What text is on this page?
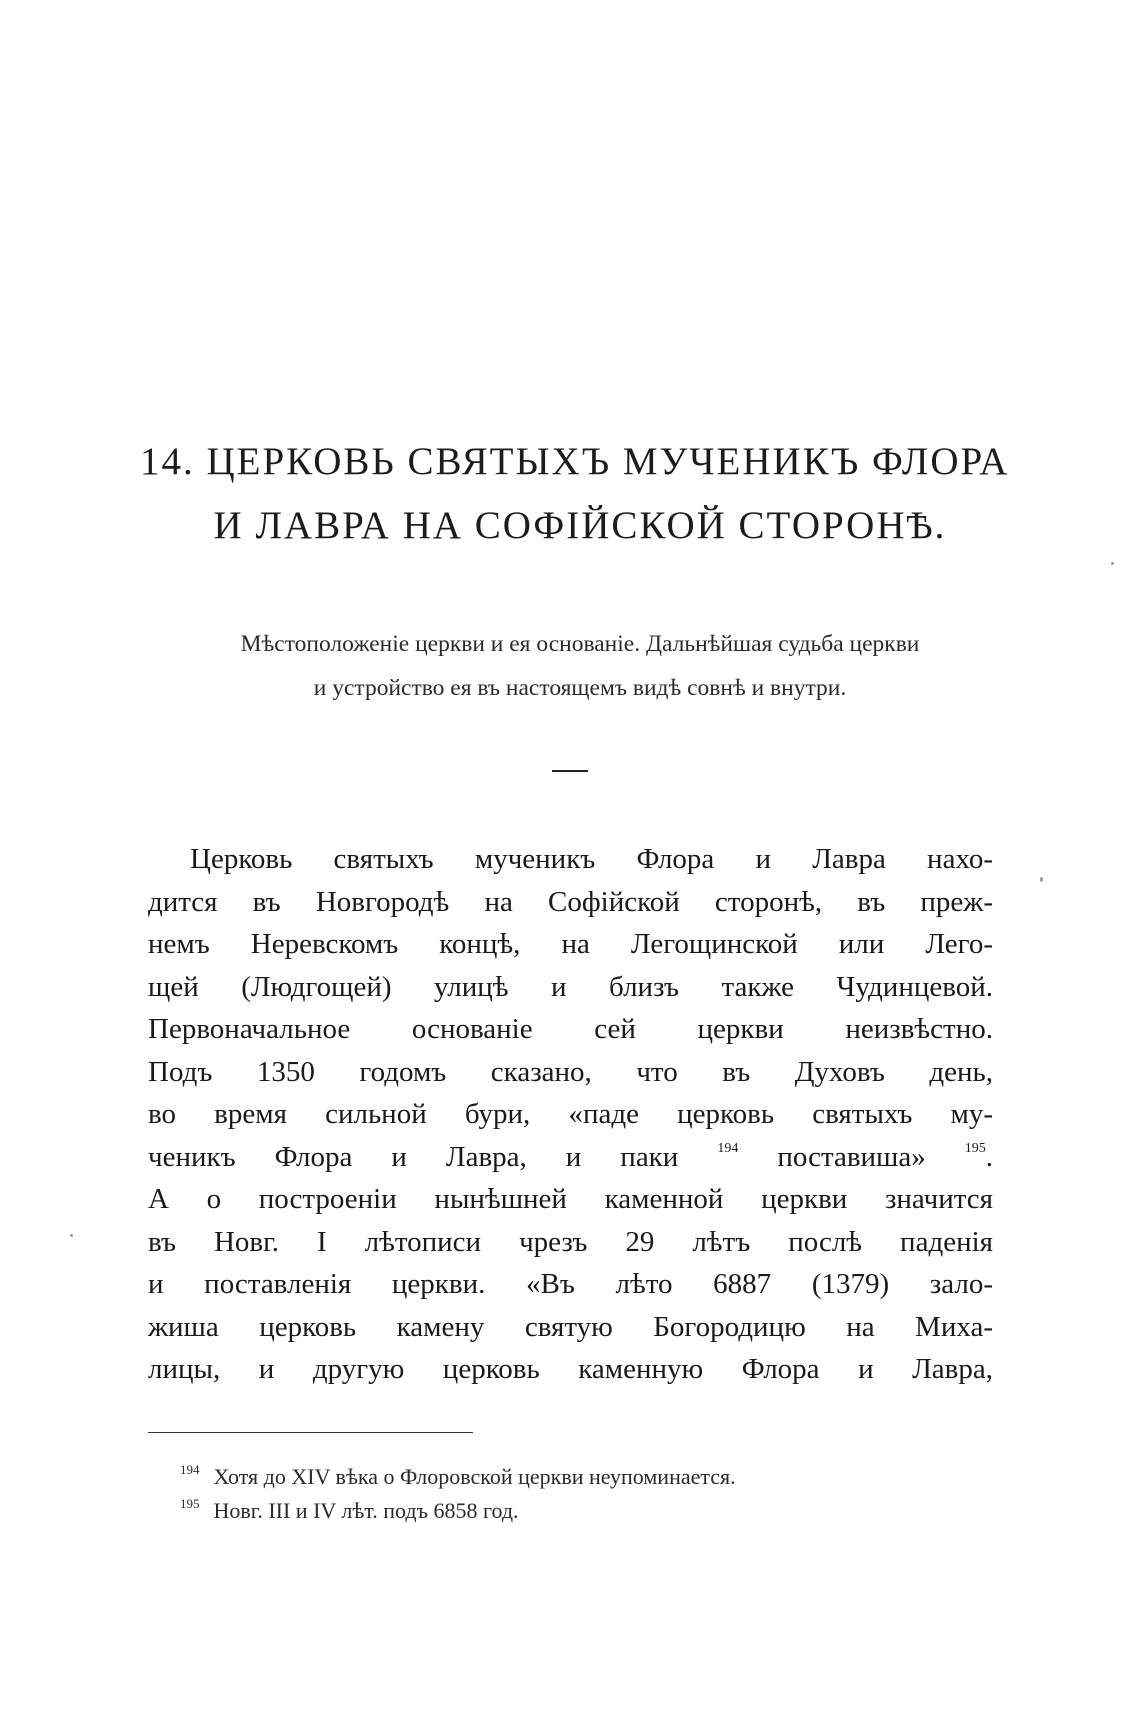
14. ЦЕРКОВЬ СВЯТЫХЪ МУЧЕНИКЪ ФЛОРА
И ЛАВРА НА СОФІЙСКОЙ СТОРОНѢ.
Мѣстоположеніе церкви и ея основаніе. Дальнѣйшая судьба церкви
и устройство ея въ настоящемъ видѣ совнѣ и внутри.
Церковь святыхъ мученикъ Флора и Лавра нахо-
дится въ Новгородѣ на Софійской сторонѣ, въ преж-
немъ Неревскомъ концѣ, на Легощинской или Лего-
щей (Людгощей) улицѣ и близъ также Чудинцевой.
Первоначальное основаніе сей церкви неизвѣстно.
Подъ 1350 годомъ сказано, что въ Духовъ день,
во время сильной бури, «паде церковь святыхъ му-
ченикъ Флора и Лавра, и паки	$^{194}$ поставиша»	$^{195}$.
А о построеніи нынѣшней каменной церкви значится
въ Новг. I лѣтописи чрезъ 29 лѣтъ послѣ паденія
и поставленія церкви. «Въ лѣто 6887 (1379) зало-
жиша церковь камену святую Богородицю на Миха-
лицы, и другую церковь каменную Флора и Лавра,
$^{194}$ Хотя до XIV вѣка о Флоровской церкви неупоминается.
$^{195}$ Новг. III и IV лѣт. подъ 6858 год.
